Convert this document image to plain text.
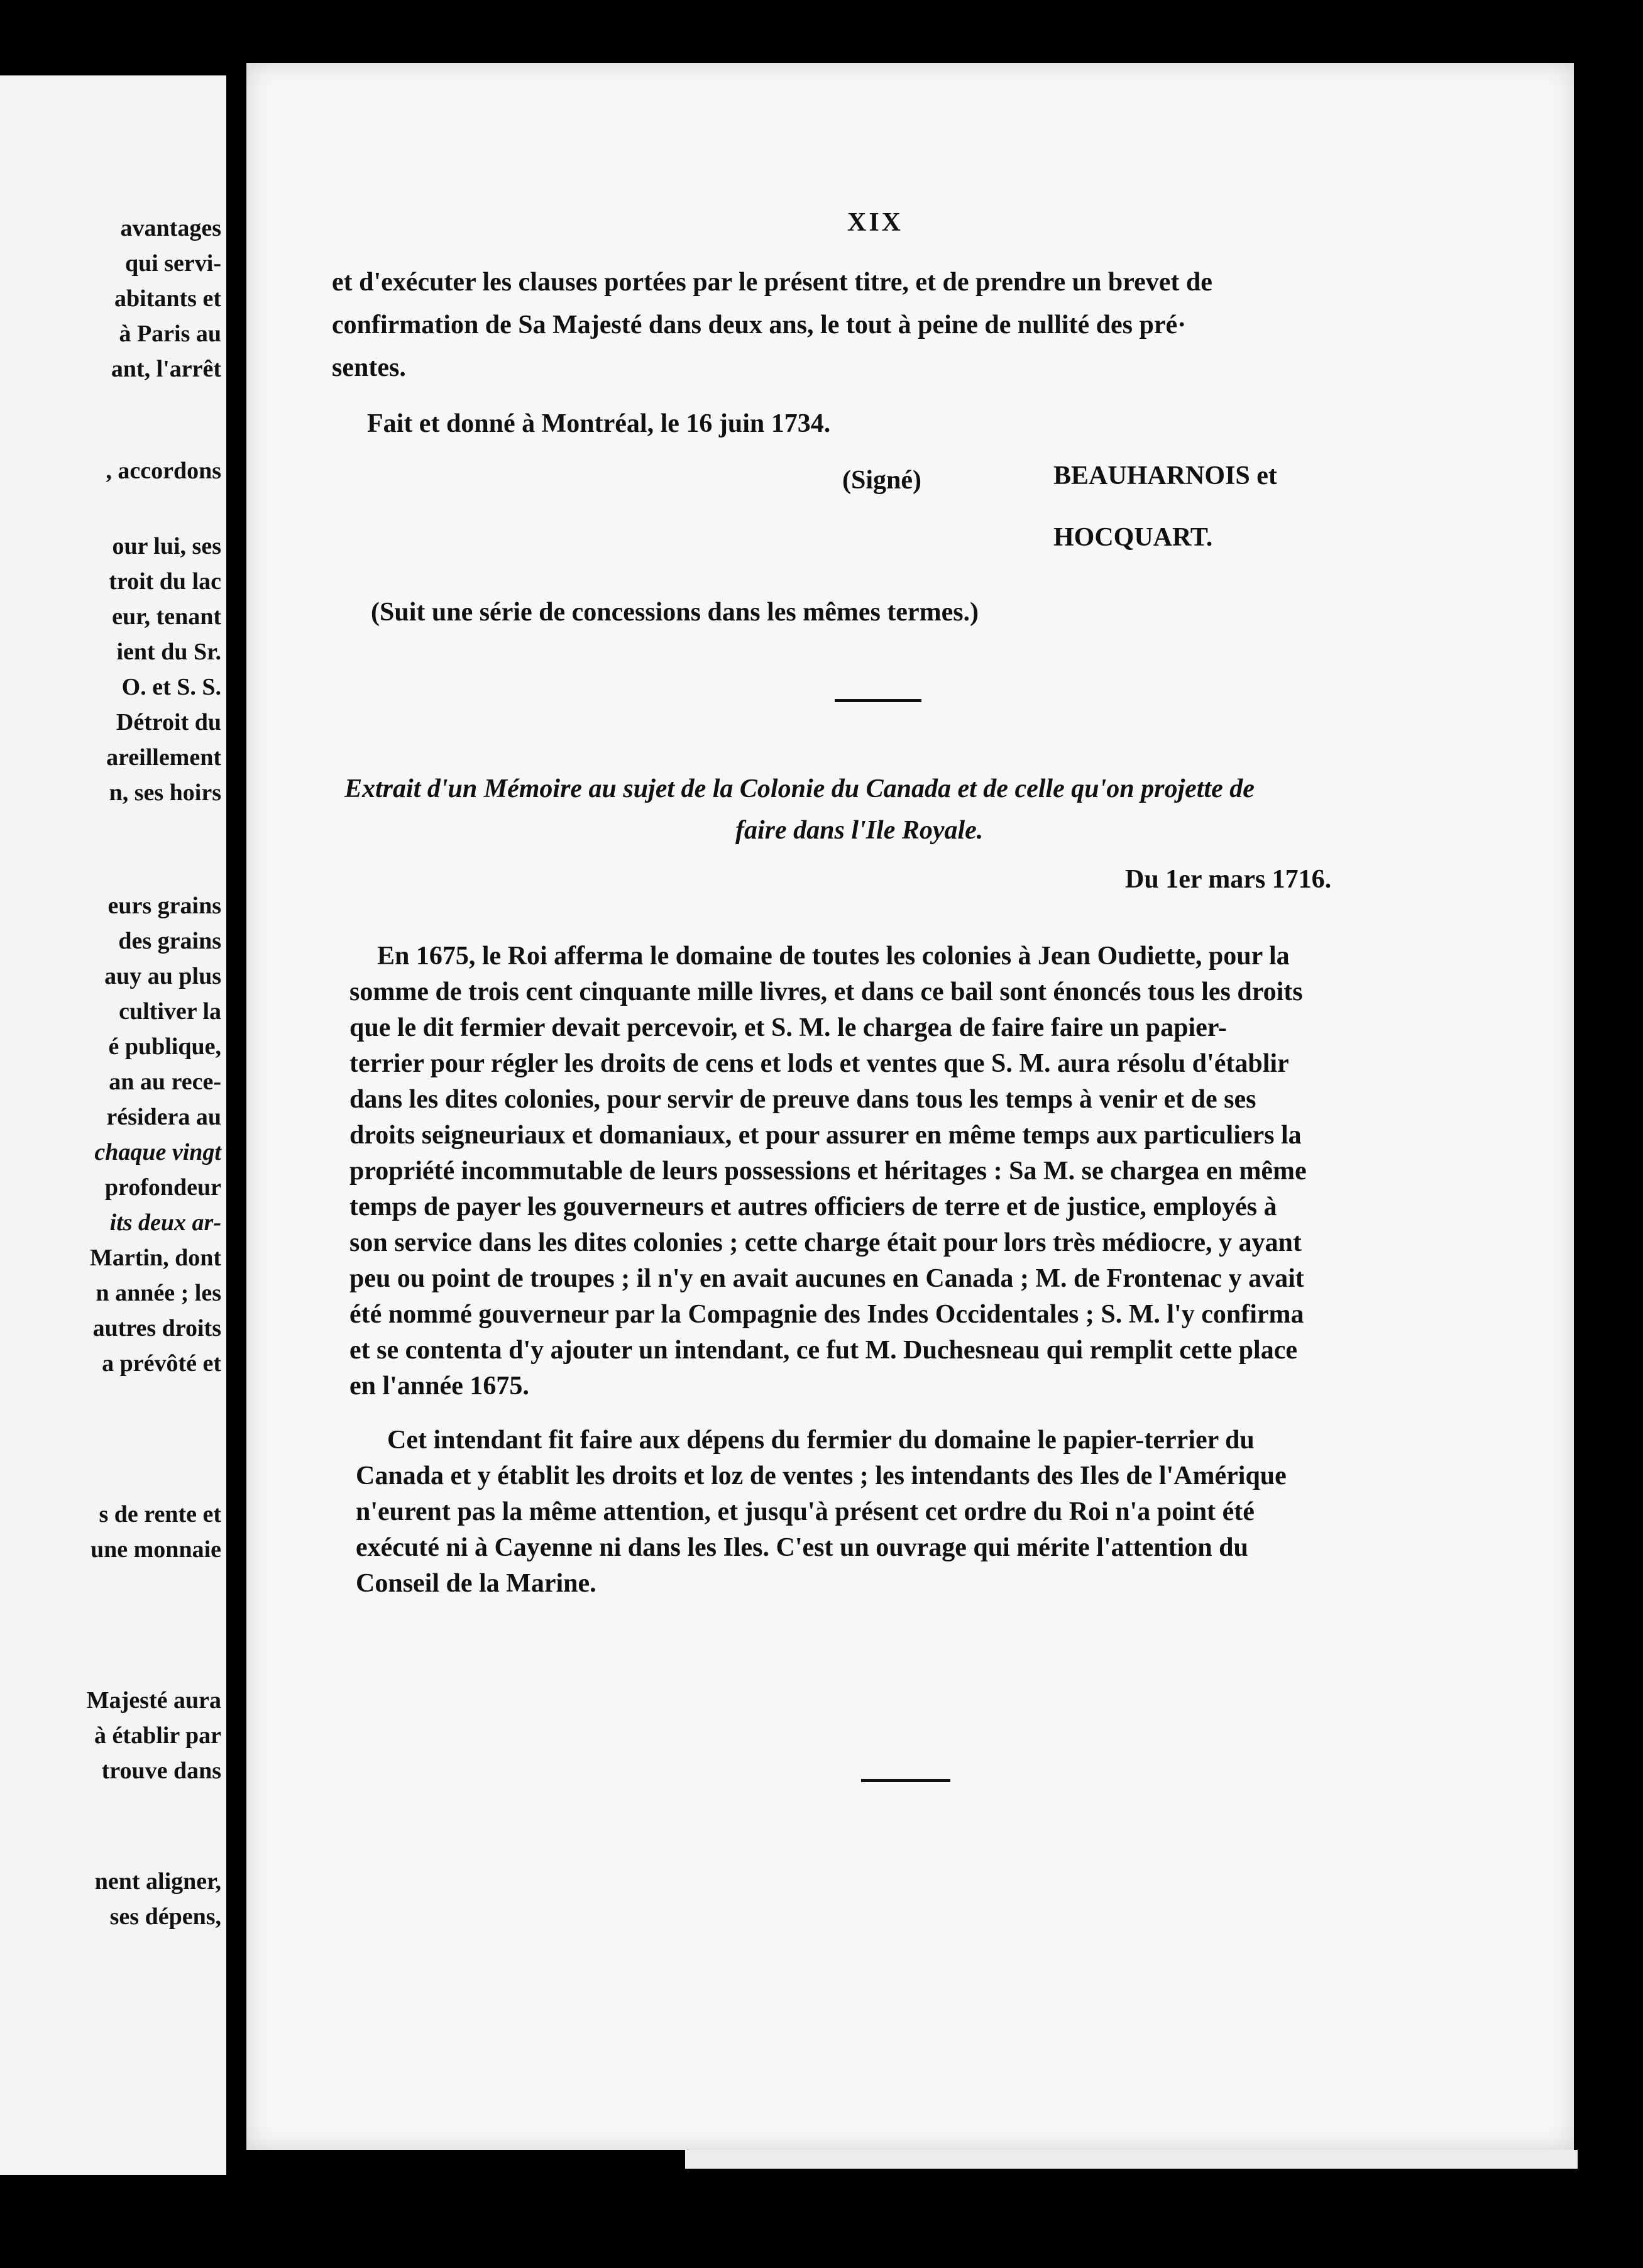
avantages
qui servi-
abitants et
à Paris au
ant, l'arrêt
, accordons
our lui, ses
troit du lac
eur, tenant
ient du Sr.
O. et S. S.
Détroit du
areillement
n, ses hoirs
eurs grains
des grains
auy au plus
cultiver la
é publique,
an au rece-
résidera au
chaque vingt
profondeur
its deux ar-
Martin, dont
n année ; les
autres droits
a prévôté et
s de rente et
une monnaie
Majesté aura
à établir par
trouve dans
nent aligner,
ses dépens,
XIX
et d'exécuter les clauses portées par le présent titre, et de prendre un brevet de
confirmation de Sa Majesté dans deux ans, le tout à peine de nullité des pré·
sentes.
Fait et donné à Montréal, le 16 juin 1734.
(Signé)	BEAUHARNOIS et
HOCQUART.
(Suit une série de concessions dans les mêmes termes.)
Extrait d'un Mémoire au sujet de la Colonie du Canada et de celle qu'on projette de
faire dans l'Ile Royale.
Du 1er mars 1716.
En 1675, le Roi afferma le domaine de toutes les colonies à Jean Oudiette, pour la
somme de trois cent cinquante mille livres, et dans ce bail sont énoncés tous les droits
que le dit fermier devait percevoir, et S. M. le chargea de faire faire un papier-
terrier pour régler les droits de cens et lods et ventes que S. M. aura résolu d'établir
dans les dites colonies, pour servir de preuve dans tous les temps à venir et de ses
droits seigneuriaux et domaniaux, et pour assurer en même temps aux particuliers la
propriété incommutable de leurs possessions et héritages : Sa M. se chargea en même
temps de payer les gouverneurs et autres officiers de terre et de justice, employés à
son service dans les dites colonies ; cette charge était pour lors très médiocre, y ayant
peu ou point de troupes ; il n'y en avait aucunes en Canada ; M. de Frontenac y avait
été nommé gouverneur par la Compagnie des Indes Occidentales ; S. M. l'y confirma
et se contenta d'y ajouter un intendant, ce fut M. Duchesneau qui remplit cette place
en l'année 1675.
Cet intendant fit faire aux dépens du fermier du domaine le papier-terrier du
Canada et y établit les droits et loz de ventes ; les intendants des Iles de l'Amérique
n'eurent pas la même attention, et jusqu'à présent cet ordre du Roi n'a point été
exécuté ni à Cayenne ni dans les Iles. C'est un ouvrage qui mérite l'attention du
Conseil de la Marine.
